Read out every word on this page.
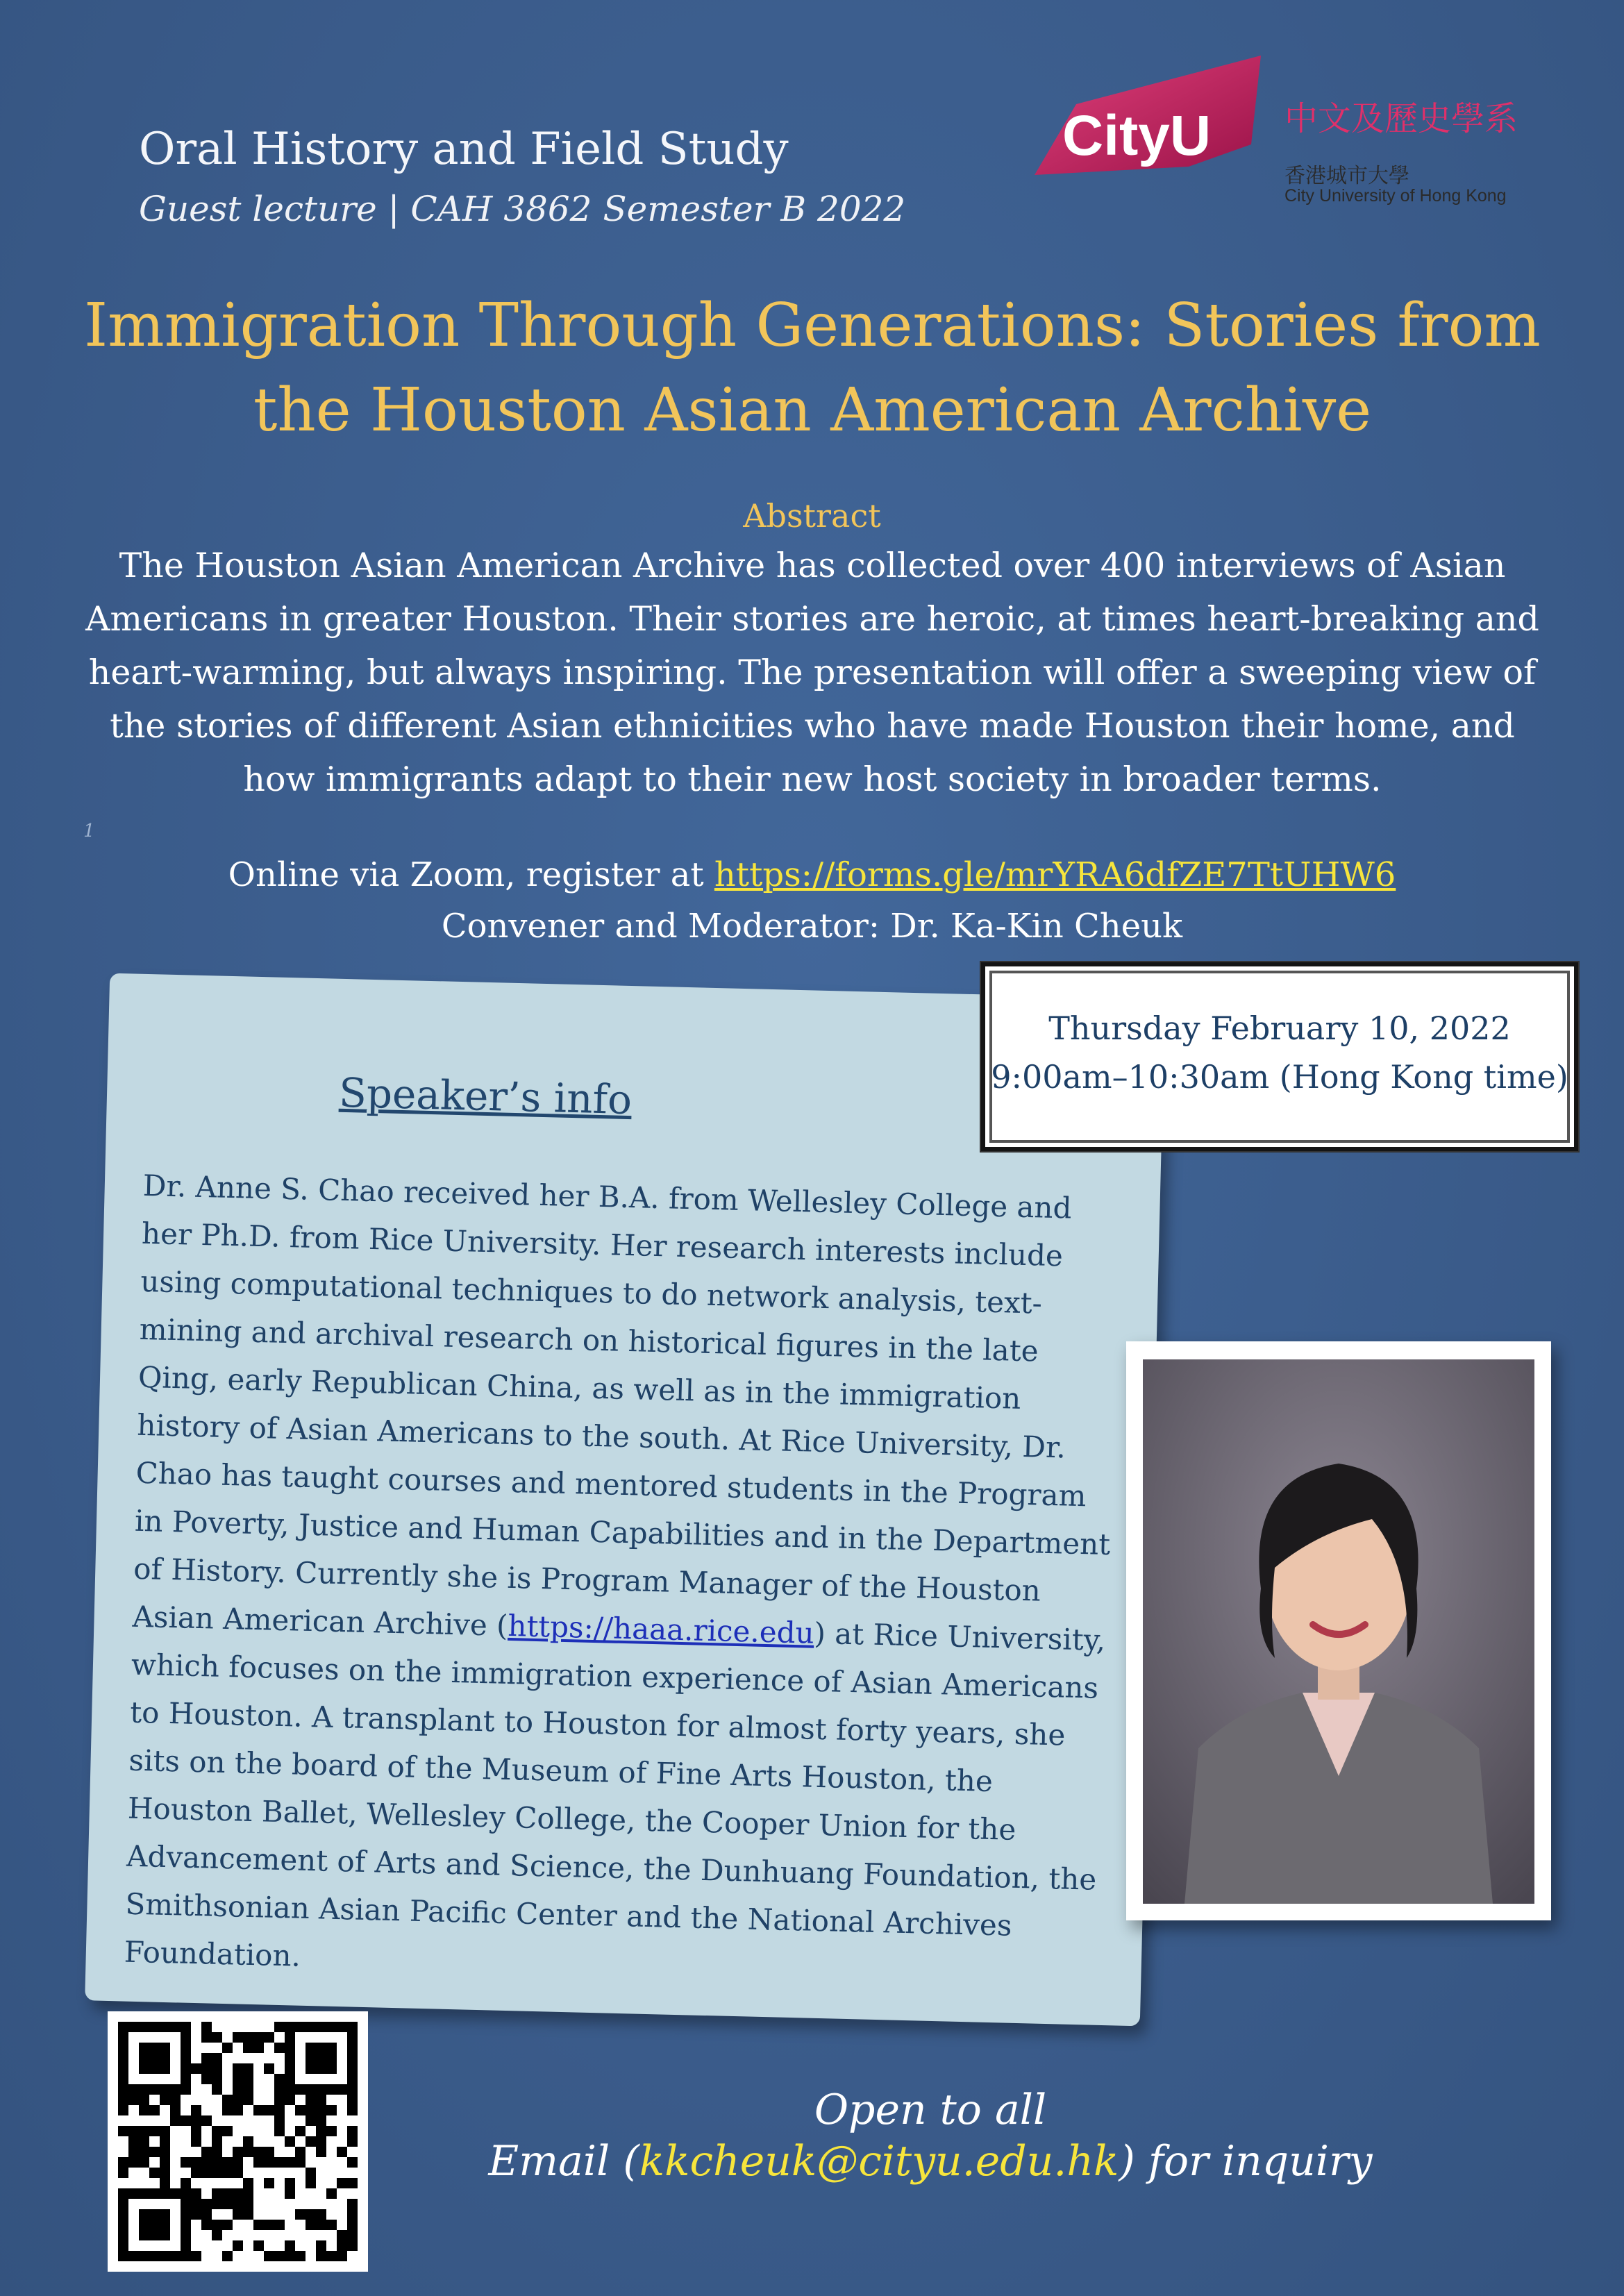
Oral History and Field Study
Guest lecture | CAH 3862 Semester B 2022
CityU 中文及歷史學系
香港城市大學
City University of Hong Kong
Immigration Through Generations: Stories from the Houston Asian American Archive
Abstract
The Houston Asian American Archive has collected over 400 interviews of Asian Americans in greater Houston. Their stories are heroic, at times heart-breaking and heart-warming, but always inspiring. The presentation will offer a sweeping view of the stories of different Asian ethnicities who have made Houston their home, and how immigrants adapt to their new host society in broader terms.
1
Online via Zoom, register at https://forms.gle/mrYRA6dfZE7TtUHW6
Convener and Moderator: Dr. Ka-Kin Cheuk
Speaker’s info
Dr. Anne S. Chao received her B.A. from Wellesley College and her Ph.D. from Rice University. Her research interests include using computational techniques to do network analysis, text-mining and archival research on historical figures in the late Qing, early Republican China, as well as in the immigration history of Asian Americans to the south. At Rice University, Dr. Chao has taught courses and mentored students in the Program in Poverty, Justice and Human Capabilities and in the Department of History. Currently she is Program Manager of the Houston Asian American Archive (https://haaa.rice.edu) at Rice University, which focuses on the immigration experience of Asian Americans to Houston. A transplant to Houston for almost forty years, she sits on the board of the Museum of Fine Arts Houston, the Houston Ballet, Wellesley College, the Cooper Union for the Advancement of Arts and Science, the Dunhuang Foundation, the Smithsonian Asian Pacific Center and the National Archives Foundation.
Thursday February 10, 2022
9:00am–10:30am (Hong Kong time)
Open to all
Email (kkcheuk@cityu.edu.hk) for inquiry
